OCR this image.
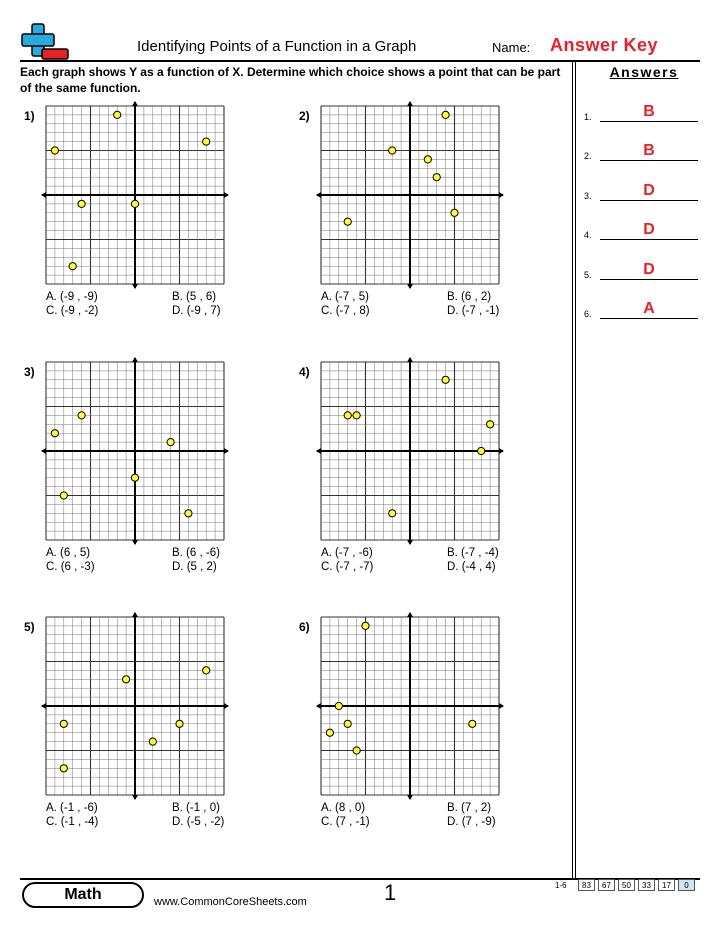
Identifying Points of a Function in a Graph	Name: Answer Key
Each graph shows Y as a function of X. Determine which choice shows a point that can be part of the same function.
Answers
1.	B
2.	B
3.	D
4.	D
5.	D
6.	A
1)
A. (-9 , -9)	B. (5 , 6)
C. (-9 , -2)	D. (-9 , 7)
2)
A. (-7 , 5)	B. (6 , 2)
C. (-7 , 8)	D. (-7 , -1)
3)
A. (6 , 5)	B. (6 , -6)
C. (6 , -3)	D. (5 , 2)
4)
A. (-7 , -6)	B. (-7 , -4)
C. (-7 , -7)	D. (-4 , 4)
5)
A. (-1 , -6)	B. (-1 , 0)
C. (-1 , -4)	D. (-5 , -2)
6)
A. (8 , 0)	B. (7 , 2)
C. (7 , -1)	D. (7 , -9)
Math	www.CommonCoreSheets.com	1	1-6	83	67	50	33	17	0
